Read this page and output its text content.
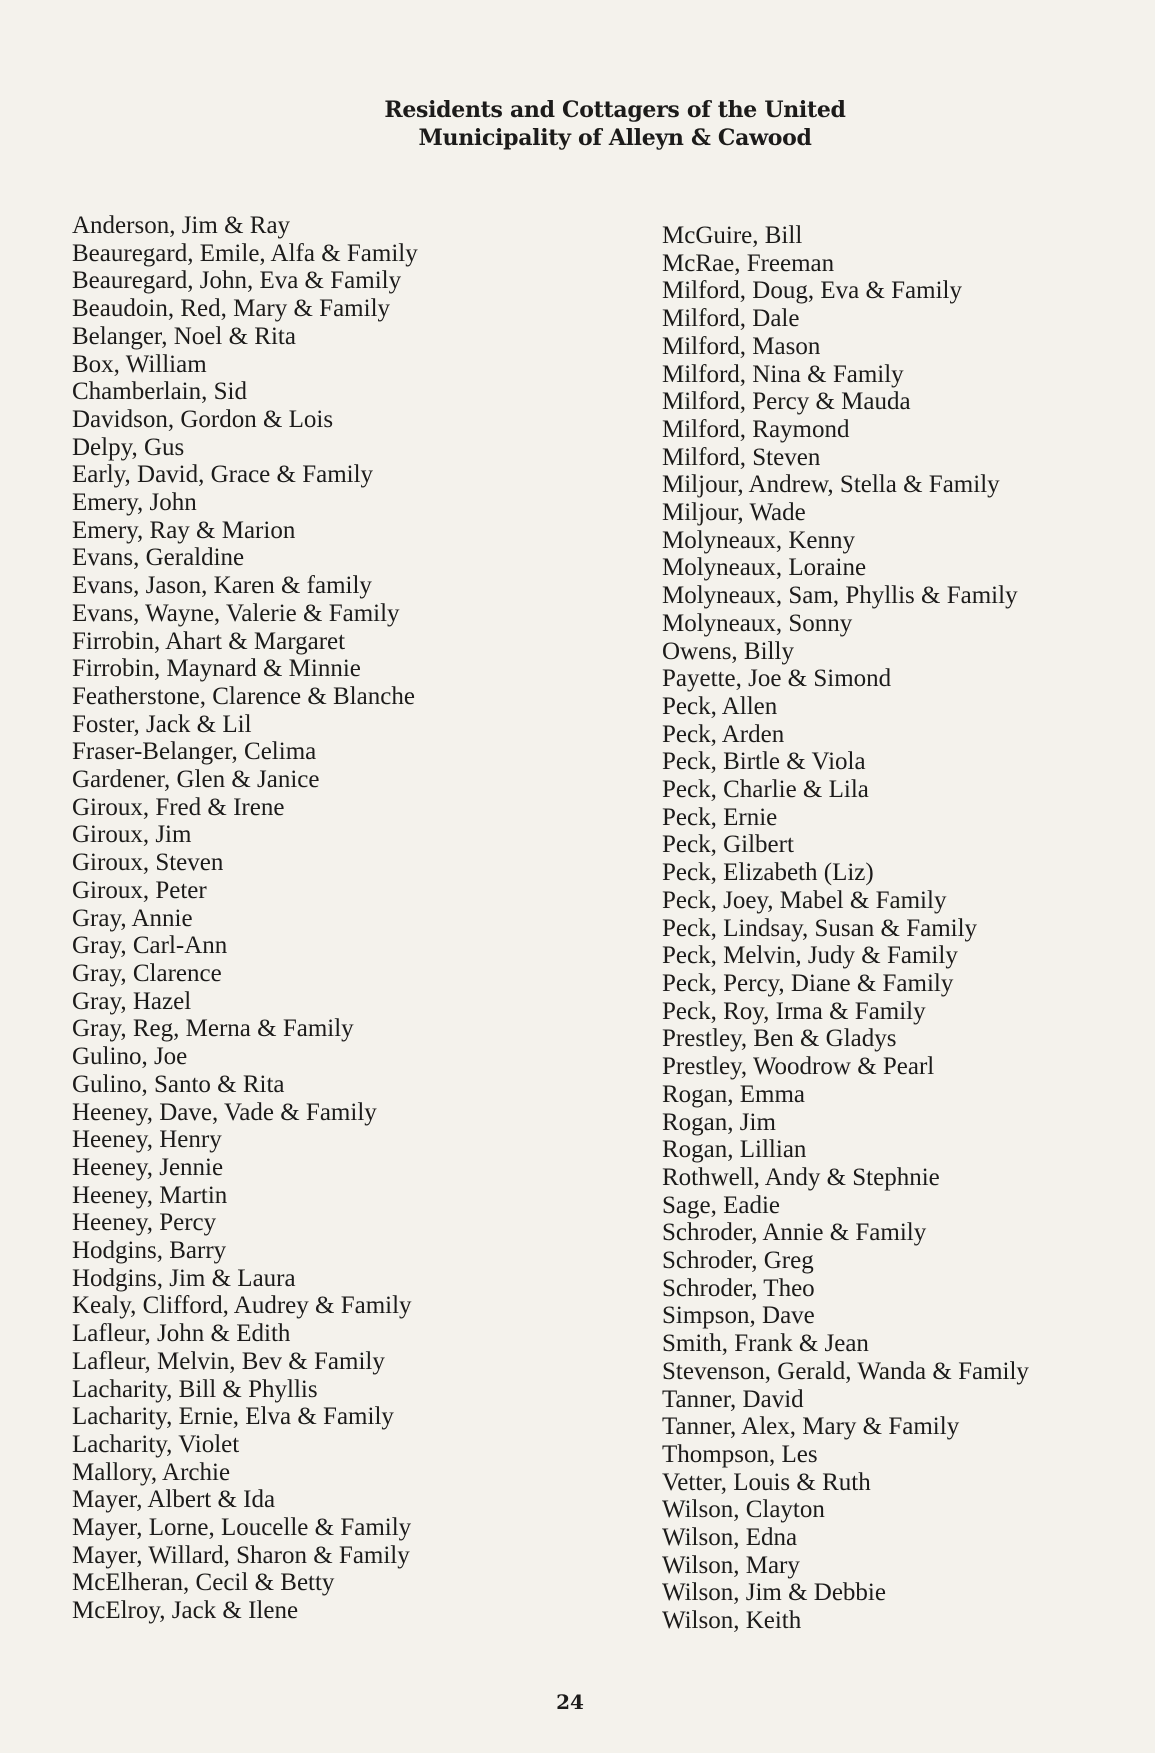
Residents and Cottagers of the United
Municipality of Alleyn & Cawood
Anderson, Jim & Ray
Beauregard, Emile, Alfa & Family
Beauregard, John, Eva & Family
Beaudoin, Red, Mary & Family
Belanger, Noel & Rita
Box, William
Chamberlain, Sid
Davidson, Gordon & Lois
Delpy, Gus
Early, David, Grace & Family
Emery, John
Emery, Ray & Marion
Evans, Geraldine
Evans, Jason, Karen & family
Evans, Wayne, Valerie & Family
Firrobin, Ahart & Margaret
Firrobin, Maynard & Minnie
Featherstone, Clarence & Blanche
Foster, Jack & Lil
Fraser-Belanger, Celima
Gardener, Glen & Janice
Giroux, Fred & Irene
Giroux, Jim
Giroux, Steven
Giroux, Peter
Gray, Annie
Gray, Carl-Ann
Gray, Clarence
Gray, Hazel
Gray, Reg, Merna & Family
Gulino, Joe
Gulino, Santo & Rita
Heeney, Dave, Vade & Family
Heeney, Henry
Heeney, Jennie
Heeney, Martin
Heeney, Percy
Hodgins, Barry
Hodgins, Jim & Laura
Kealy, Clifford, Audrey & Family
Lafleur, John & Edith
Lafleur, Melvin, Bev & Family
Lacharity, Bill & Phyllis
Lacharity, Ernie, Elva & Family
Lacharity, Violet
Mallory, Archie
Mayer, Albert & Ida
Mayer, Lorne, Loucelle & Family
Mayer, Willard, Sharon & Family
McElheran, Cecil & Betty
McElroy, Jack & Ilene
McGuire, Bill
McRae, Freeman
Milford, Doug, Eva & Family
Milford, Dale
Milford, Mason
Milford, Nina & Family
Milford, Percy & Mauda
Milford, Raymond
Milford, Steven
Miljour, Andrew, Stella & Family
Miljour, Wade
Molyneaux, Kenny
Molyneaux, Loraine
Molyneaux, Sam, Phyllis & Family
Molyneaux, Sonny
Owens, Billy
Payette, Joe & Simond
Peck, Allen
Peck, Arden
Peck, Birtle & Viola
Peck, Charlie & Lila
Peck, Ernie
Peck, Gilbert
Peck, Elizabeth (Liz)
Peck, Joey, Mabel & Family
Peck, Lindsay, Susan & Family
Peck, Melvin, Judy & Family
Peck, Percy, Diane & Family
Peck, Roy, Irma & Family
Prestley, Ben & Gladys
Prestley, Woodrow & Pearl
Rogan, Emma
Rogan, Jim
Rogan, Lillian
Rothwell, Andy & Stephnie
Sage, Eadie
Schroder, Annie & Family
Schroder, Greg
Schroder, Theo
Simpson, Dave
Smith, Frank & Jean
Stevenson, Gerald, Wanda & Family
Tanner, David
Tanner, Alex, Mary & Family
Thompson, Les
Vetter, Louis & Ruth
Wilson, Clayton
Wilson, Edna
Wilson, Mary
Wilson, Jim & Debbie
Wilson, Keith
24
